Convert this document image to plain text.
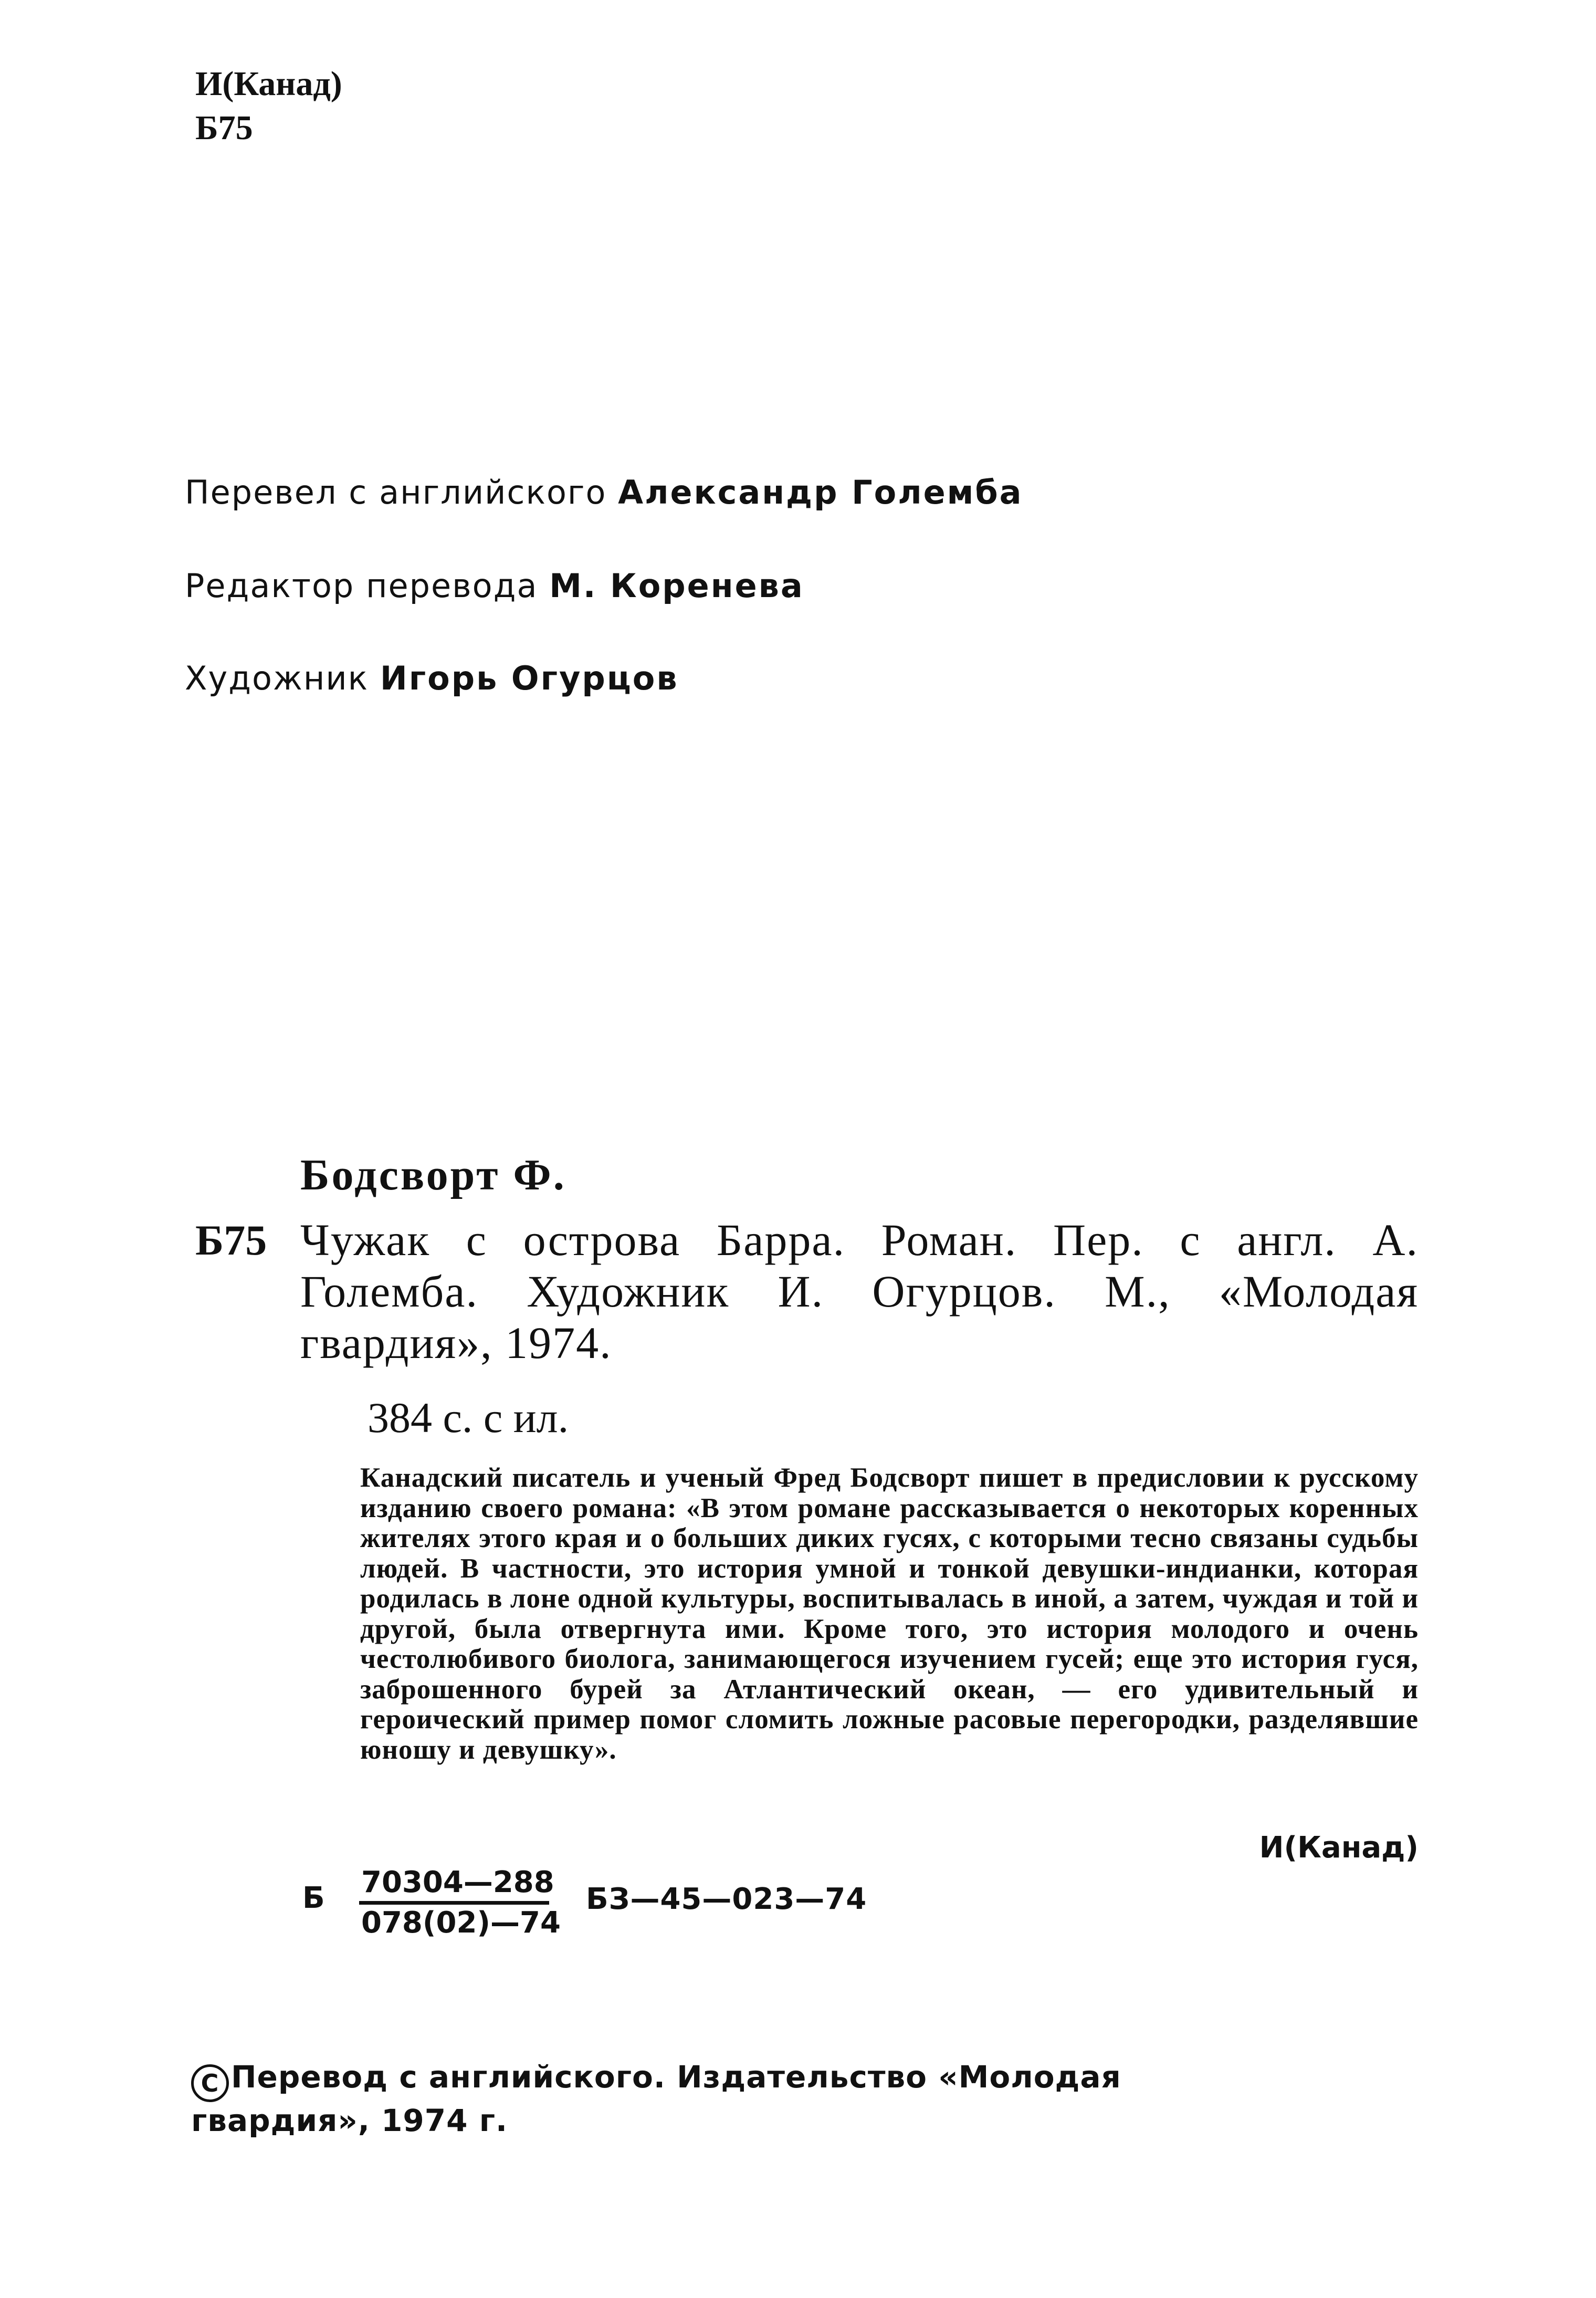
И(Канад)
Б75
Перевел с английского Александр Големба
Редактор перевода М. Коренева
Художник Игорь Огурцов
Бодсворт Ф.
Б75 Чужак с острова Барра. Роман. Пер. с англ. А. Големба. Художник И. Огурцов. М., «Молодая гвардия», 1974.

384 с. с ил.

Канадский писатель и ученый Фред Бодсворт пишет в предисловии к русскому изданию своего романа: «В этом романе рассказывается о некоторых коренных жителях этого края и о больших диких гусях, с которыми тесно связаны судьбы людей. В частности, это история умной и тонкой девушки-индианки, которая родилась в лоне одной культуры, воспитывалась в иной, а затем, чуждая и той и другой, была отвергнута ими. Кроме того, это история молодого и очень честолюбивого биолога, занимающегося изучением гусей; еще это история гуся, заброшенного бурей за Атлантический океан, — его удивительный и героический пример помог сломить ложные расовые перегородки, разделявшие юношу и девушку».

И(Канад)
Б 70304—288
078(02)—74
БЗ—45—023—74
C Перевод с английского. Издательство «Молодая
гвардия», 1974 г.
